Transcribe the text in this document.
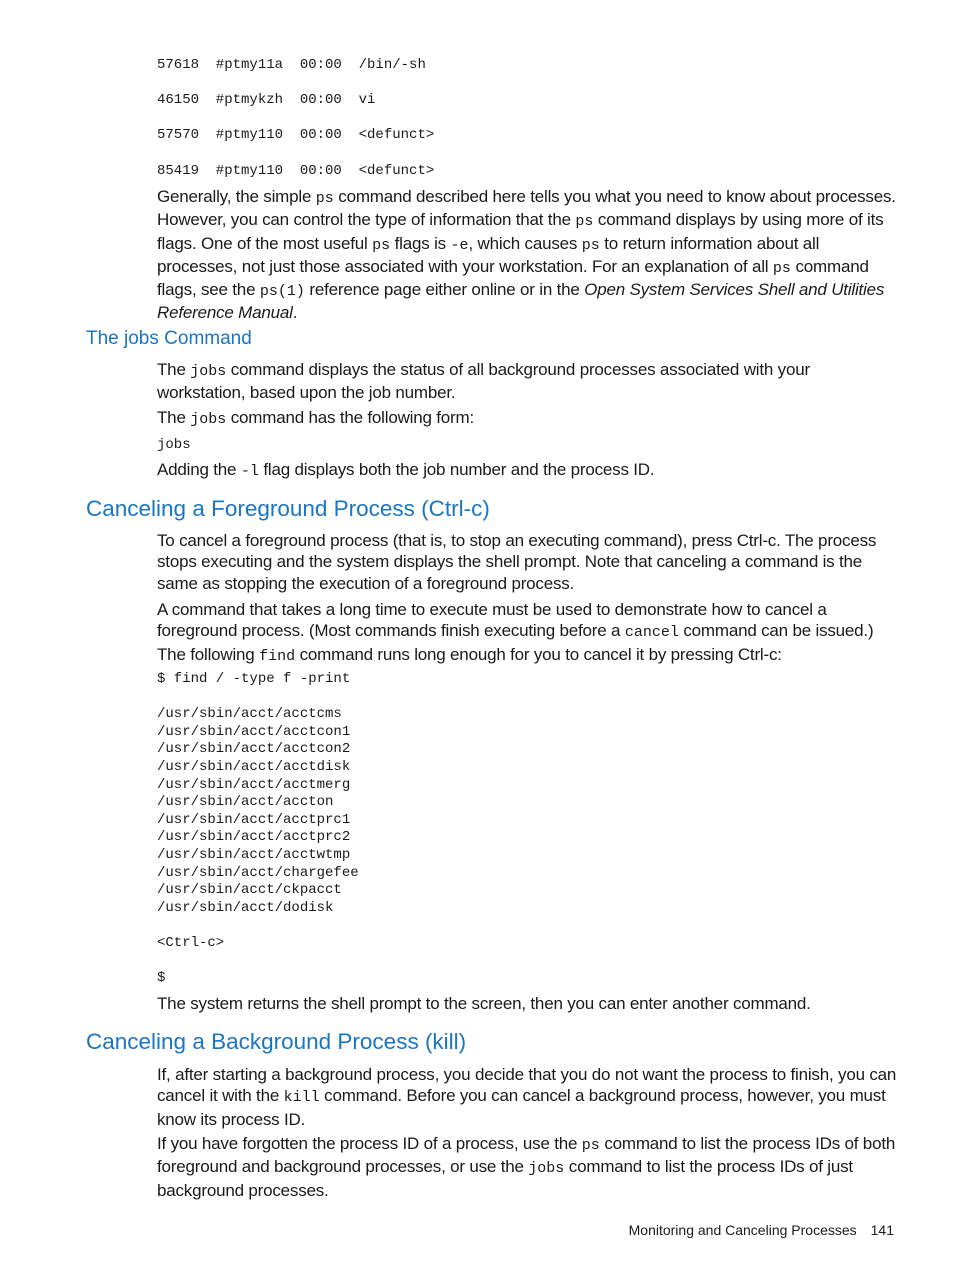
57618  #ptmy11a  00:00  /bin/-sh

46150  #ptmykzh  00:00  vi

57570  #ptmy110  00:00  <defunct>

85419  #ptmy110  00:00  <defunct>

Generally, the simple ps command described here tells you what you need to know about processes. However, you can control the type of information that the ps command displays by using more of its flags. One of the most useful ps flags is -e, which causes ps to return information about all processes, not just those associated with your workstation. For an explanation of all ps command flags, see the ps(1) reference page either online or in the Open System Services Shell and Utilities Reference Manual.

The jobs Command

The jobs command displays the status of all background processes associated with your workstation, based upon the job number.

The jobs command has the following form:

jobs

Adding the -l flag displays both the job number and the process ID.

Canceling a Foreground Process (Ctrl-c)

To cancel a foreground process (that is, to stop an executing command), press Ctrl-c. The process stops executing and the system displays the shell prompt. Note that canceling a command is the same as stopping the execution of a foreground process.

A command that takes a long time to execute must be used to demonstrate how to cancel a foreground process. (Most commands finish executing before a cancel command can be issued.) The following find command runs long enough for you to cancel it by pressing Ctrl-c:

$ find / -type f -print

/usr/sbin/acct/acctcms
/usr/sbin/acct/acctcon1
/usr/sbin/acct/acctcon2
/usr/sbin/acct/acctdisk
/usr/sbin/acct/acctmerg
/usr/sbin/acct/accton
/usr/sbin/acct/acctprc1
/usr/sbin/acct/acctprc2
/usr/sbin/acct/acctwtmp
/usr/sbin/acct/chargefee
/usr/sbin/acct/ckpacct
/usr/sbin/acct/dodisk

<Ctrl-c>

$

The system returns the shell prompt to the screen, then you can enter another command.

Canceling a Background Process (kill)

If, after starting a background process, you decide that you do not want the process to finish, you can cancel it with the kill command. Before you can cancel a background process, however, you must know its process ID.

If you have forgotten the process ID of a process, use the ps command to list the process IDs of both foreground and background processes, or use the jobs command to list the process IDs of just background processes.

Monitoring and Canceling Processes 141
